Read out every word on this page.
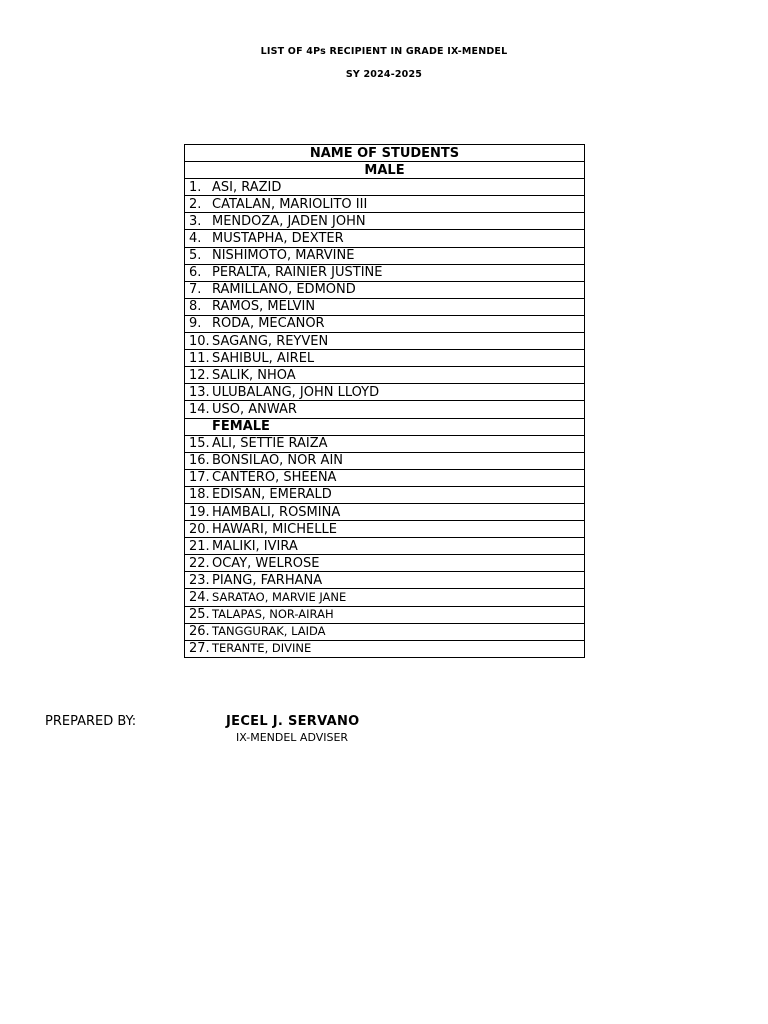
LIST OF 4Ps RECIPIENT IN GRADE IX-MENDEL
SY 2024-2025
NAME OF STUDENTS
MALE
1. ASI, RAZID
2. CATALAN, MARIOLITO III
3. MENDOZA, JADEN JOHN
4. MUSTAPHA, DEXTER
5. NISHIMOTO, MARVINE
6. PERALTA, RAINIER JUSTINE
7. RAMILLANO, EDMOND
8. RAMOS, MELVIN
9. RODA, MECANOR
10. SAGANG, REYVEN
11. SAHIBUL, AIREL
12. SALIK, NHOA
13. ULUBALANG, JOHN LLOYD
14. USO, ANWAR
FEMALE
15. ALI, SETTIE RAIZA
16. BONSILAO, NOR AIN
17. CANTERO, SHEENA
18. EDISAN, EMERALD
19. HAMBALI, ROSMINA
20. HAWARI, MICHELLE
21. MALIKI, IVIRA
22. OCAY, WELROSE
23. PIANG, FARHANA
24. SARATAO, MARVIE JANE
25. TALAPAS, NOR-AIRAH
26. TANGGURAK, LAIDA
27. TERANTE, DIVINE
PREPARED BY:	JECEL J. SERVANO
IX-MENDEL ADVISER
